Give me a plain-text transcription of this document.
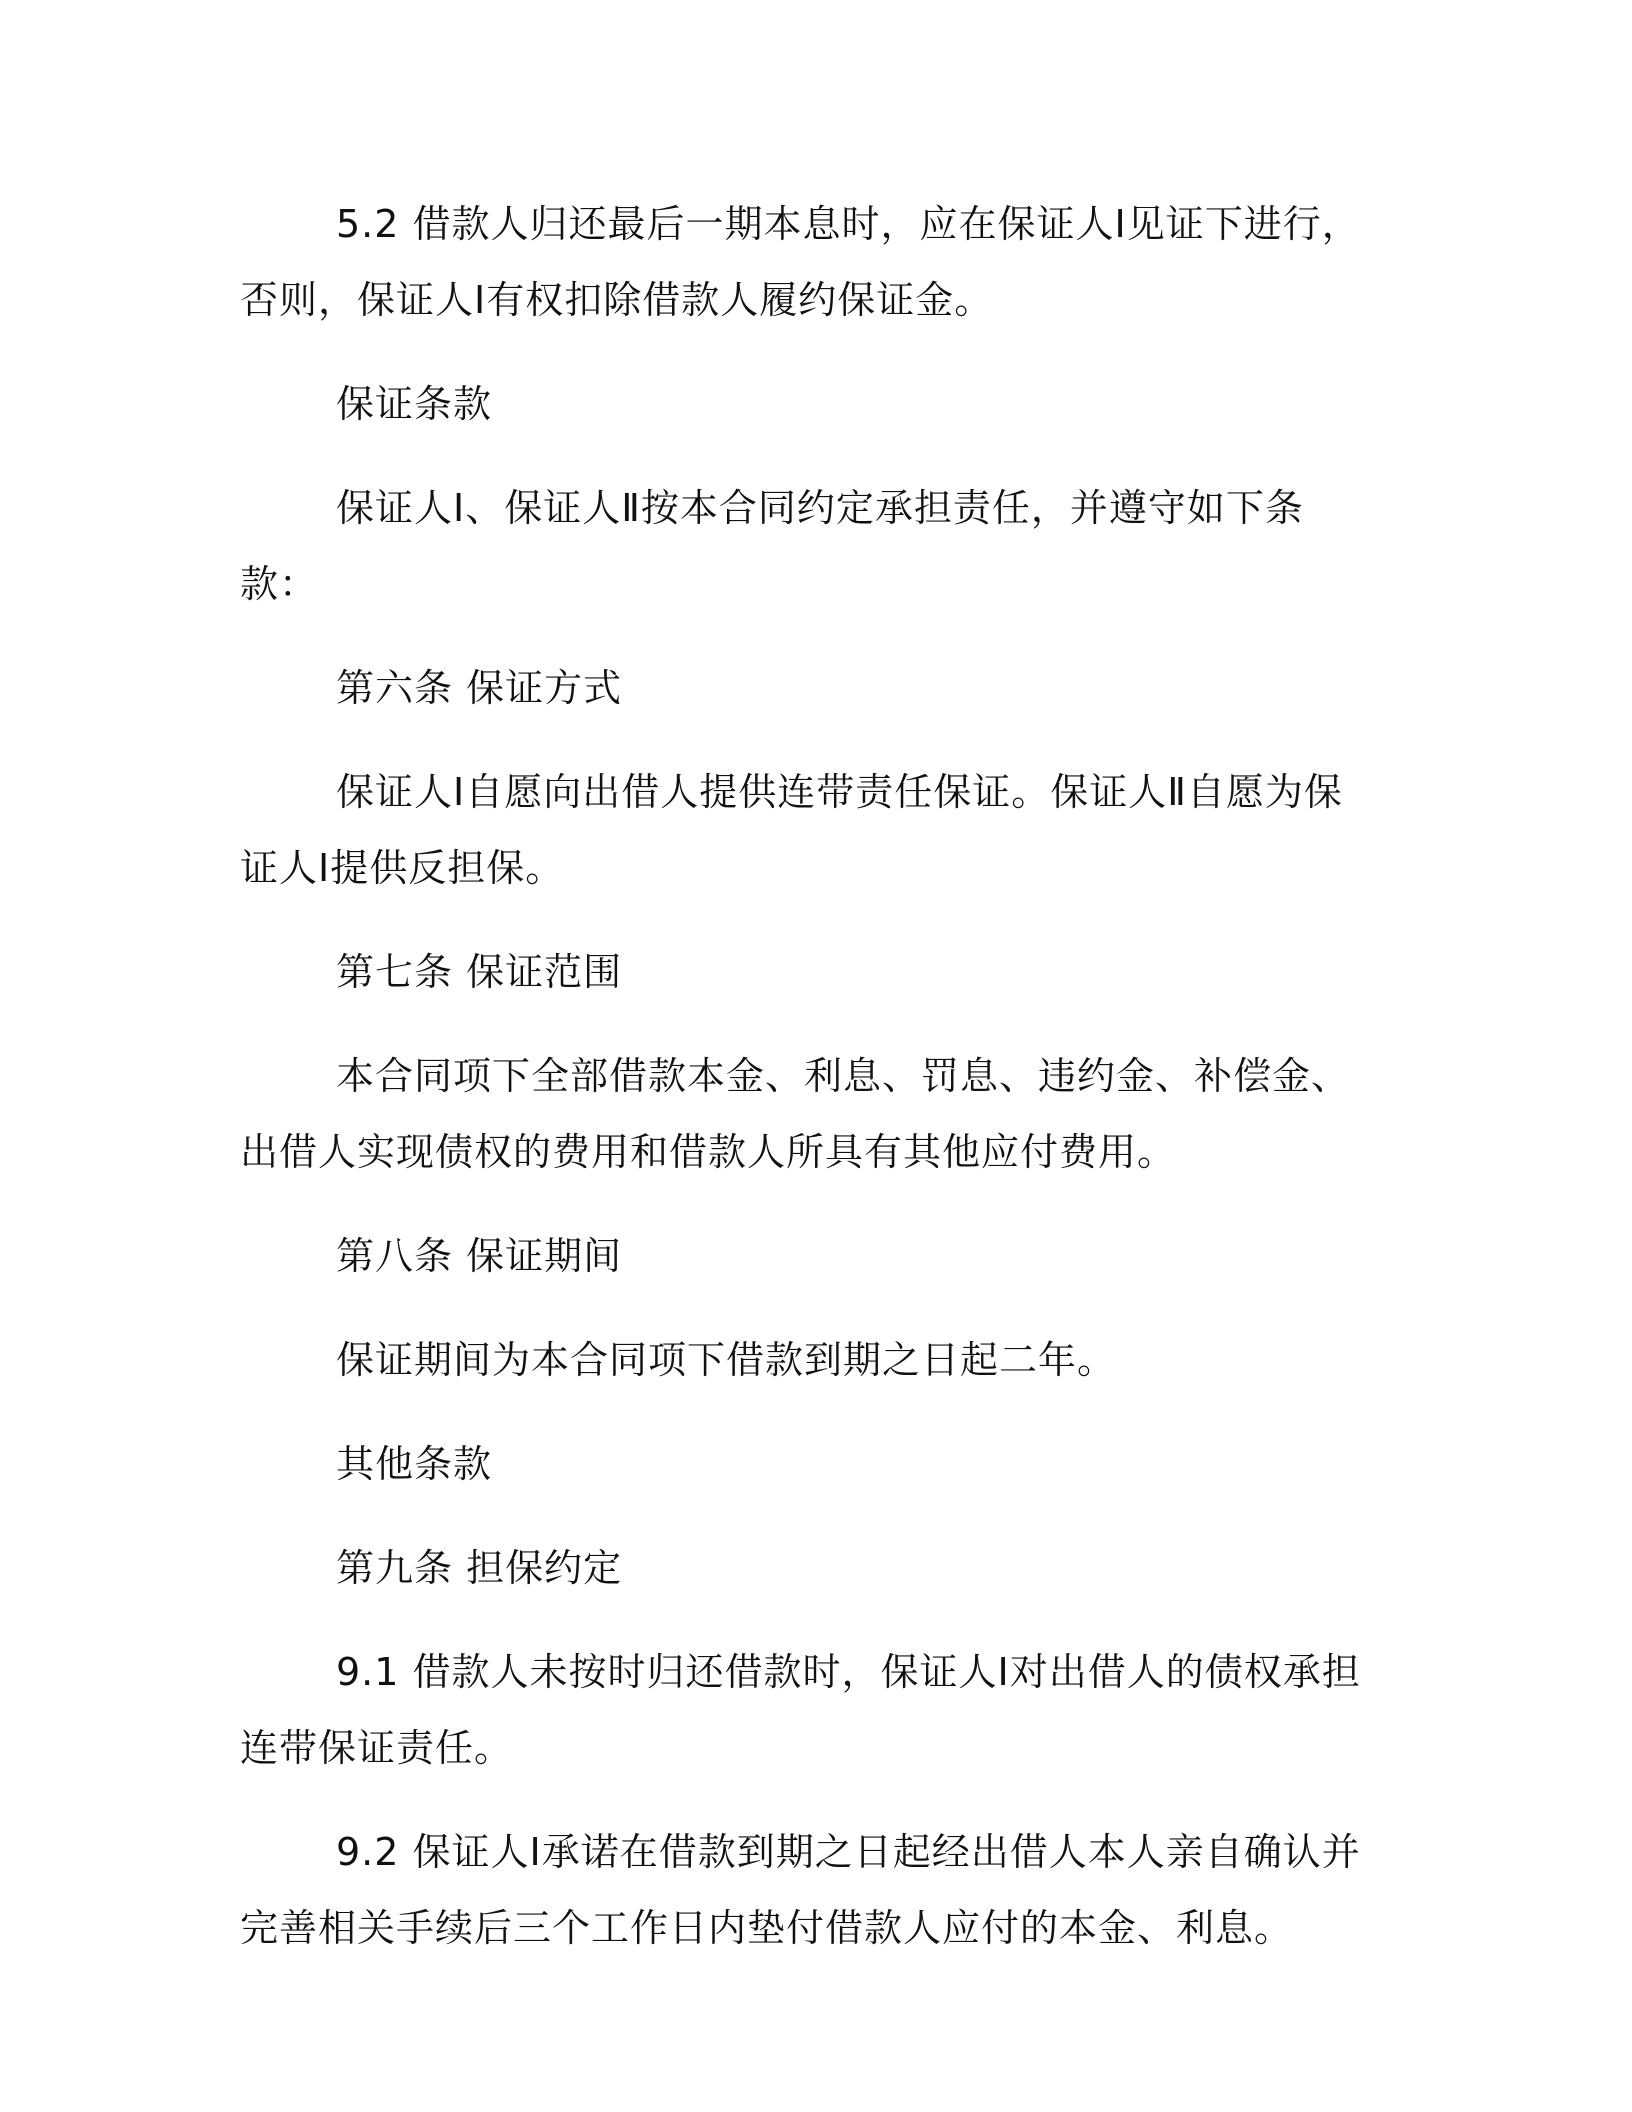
5.2 借款人归还最后一期本息时，应在保证人Ⅰ见证下进行，否则，保证人Ⅰ有权扣除借款人履约保证金。

保证条款

保证人Ⅰ、保证人Ⅱ按本合同约定承担责任，并遵守如下条款：

第六条 保证方式

保证人Ⅰ自愿向出借人提供连带责任保证。保证人Ⅱ自愿为保证人Ⅰ提供反担保。

第七条 保证范围

本合同项下全部借款本金、利息、罚息、违约金、补偿金、出借人实现债权的费用和借款人所具有其他应付费用。

第八条 保证期间

保证期间为本合同项下借款到期之日起二年。

其他条款

第九条 担保约定

9.1 借款人未按时归还借款时，保证人Ⅰ对出借人的债权承担连带保证责任。

9.2 保证人Ⅰ承诺在借款到期之日起经出借人本人亲自确认并完善相关手续后三个工作日内垫付借款人应付的本金、利息。
